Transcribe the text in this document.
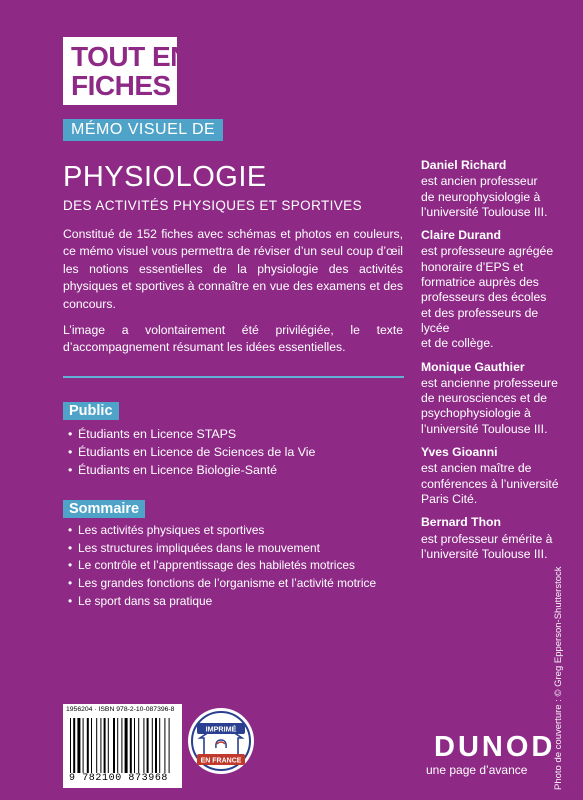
TOUT EN
FICHES
MÉMO VISUEL DE
PHYSIOLOGIE
DES ACTIVITÉS PHYSIQUES ET SPORTIVES

Constitué de 152 fiches avec schémas et photos en couleurs, ce mémo visuel vous permettra de réviser d’un seul coup d’œil les notions essentielles de la physiologie des activités physiques et sportives à connaître en vue des examens et des concours.

L’image a volontairement été privilégiée, le texte d’accompagnement résumant les idées essentielles.

Public
• Étudiants en Licence STAPS
• Étudiants en Licence de Sciences de la Vie
• Étudiants en Licence Biologie-Santé
Sommaire
• Les activités physiques et sportives
• Les structures impliquées dans le mouvement
• Le contrôle et l’apprentissage des habiletés motrices
• Les grandes fonctions de l’organisme et l’activité motrice
• Le sport dans sa pratique
Daniel Richard
est ancien professeur
de neurophysiologie à
l’université Toulouse III.
Claire Durand
est professeure agrégée
honoraire d’EPS et
formatrice auprès des
professeurs des écoles
et des professeurs de lycée
et de collège.
Monique Gauthier
est ancienne professeure
de neurosciences et de
psychophysiologie à
l’université Toulouse III.
Yves Gioanni
est ancien maître de
conférences à l’université
Paris Cité.
Bernard Thon
est professeur émérite à
l’université Toulouse III.
Photo de couverture : © Greg Epperson-Shutterstock
1956204 · ISBN 978-2-10-087396-8
9 782100 873968
IMPRIMÉ
EN FRANCE	DUNOD
une page d’avance
